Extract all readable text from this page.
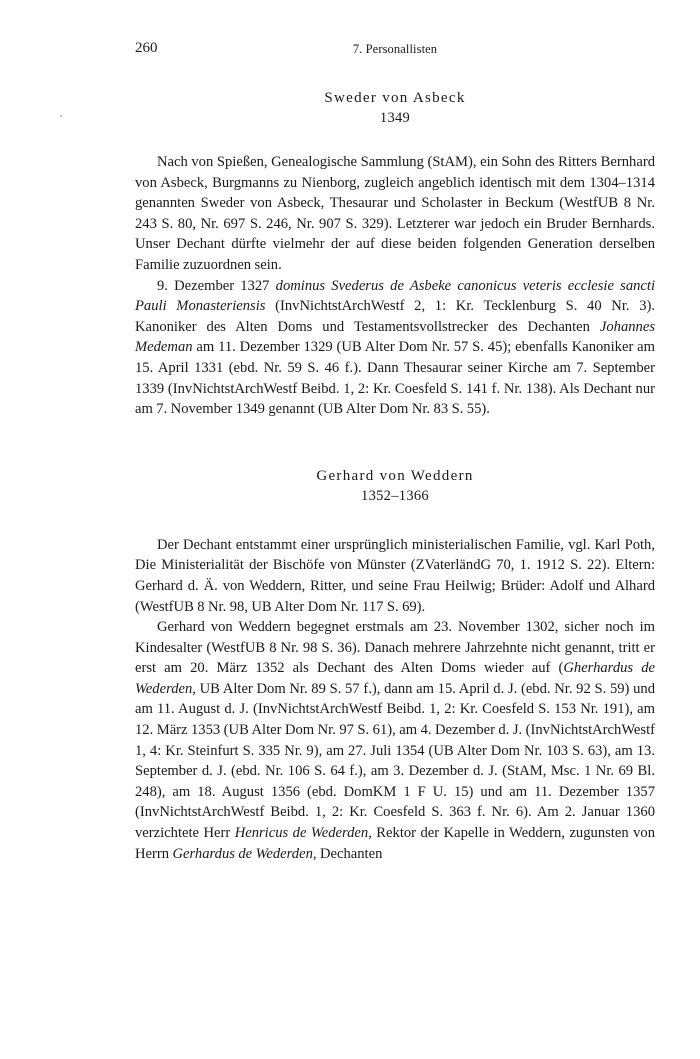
260	7. Personallisten
Sweder von Asbeck
1349

Nach von Spießen, Genealogische Sammlung (StAM), ein Sohn des Ritters Bernhard von Asbeck, Burgmanns zu Nienborg, zugleich angeblich identisch mit dem 1304–1314 genannten Sweder von Asbeck, Thesaurar und Scholaster in Beckum (WestfUB 8 Nr. 243 S. 80, Nr. 697 S. 246, Nr. 907 S. 329). Letzterer war jedoch ein Bruder Bernhards. Unser Dechant dürfte vielmehr der auf diese beiden folgenden Generation derselben Familie zuzuordnen sein.

9. Dezember 1327 dominus Svederus de Asbeke canonicus veteris ecclesie sancti Pauli Monasteriensis (InvNichtstArchWestf 2, 1: Kr. Tecklenburg S. 40 Nr. 3). Kanoniker des Alten Doms und Testamentsvollstrecker des Dechanten Johannes Medeman am 11. Dezember 1329 (UB Alter Dom Nr. 57 S. 45); ebenfalls Kanoniker am 15. April 1331 (ebd. Nr. 59 S. 46 f.). Dann Thesaurar seiner Kirche am 7. September 1339 (InvNichtstArchWestf Beibd. 1, 2: Kr. Coesfeld S. 141 f. Nr. 138). Als Dechant nur am 7. November 1349 genannt (UB Alter Dom Nr. 83 S. 55).

Gerhard von Weddern
1352–1366

Der Dechant entstammt einer ursprünglich ministerialischen Familie, vgl. Karl Poth, Die Ministerialität der Bischöfe von Münster (ZVaterländG 70, 1. 1912 S. 22). Eltern: Gerhard d. Ä. von Weddern, Ritter, und seine Frau Heilwig; Brüder: Adolf und Alhard (WestfUB 8 Nr. 98, UB Alter Dom Nr. 117 S. 69).

Gerhard von Weddern begegnet erstmals am 23. November 1302, sicher noch im Kindesalter (WestfUB 8 Nr. 98 S. 36). Danach mehrere Jahrzehnte nicht genannt, tritt er erst am 20. März 1352 als Dechant des Alten Doms wieder auf (Gherhardus de Wederden, UB Alter Dom Nr. 89 S. 57 f.), dann am 15. April d. J. (ebd. Nr. 92 S. 59) und am 11. August d. J. (InvNichtstArchWestf Beibd. 1, 2: Kr. Coesfeld S. 153 Nr. 191), am 12. März 1353 (UB Alter Dom Nr. 97 S. 61), am 4. Dezember d. J. (InvNichtstArchWestf 1, 4: Kr. Steinfurt S. 335 Nr. 9), am 27. Juli 1354 (UB Alter Dom Nr. 103 S. 63), am 13. September d. J. (ebd. Nr. 106 S. 64 f.), am 3. Dezember d. J. (StAM, Msc. 1 Nr. 69 Bl. 248), am 18. August 1356 (ebd. DomKM 1 F U. 15) und am 11. Dezember 1357 (InvNichtstArchWestf Beibd. 1, 2: Kr. Coesfeld S. 363 f. Nr. 6). Am 2. Januar 1360 verzichtete Herr Henricus de Wederden, Rektor der Kapelle in Weddern, zugunsten von Herrn Gerhardus de Wederden, Dechanten
